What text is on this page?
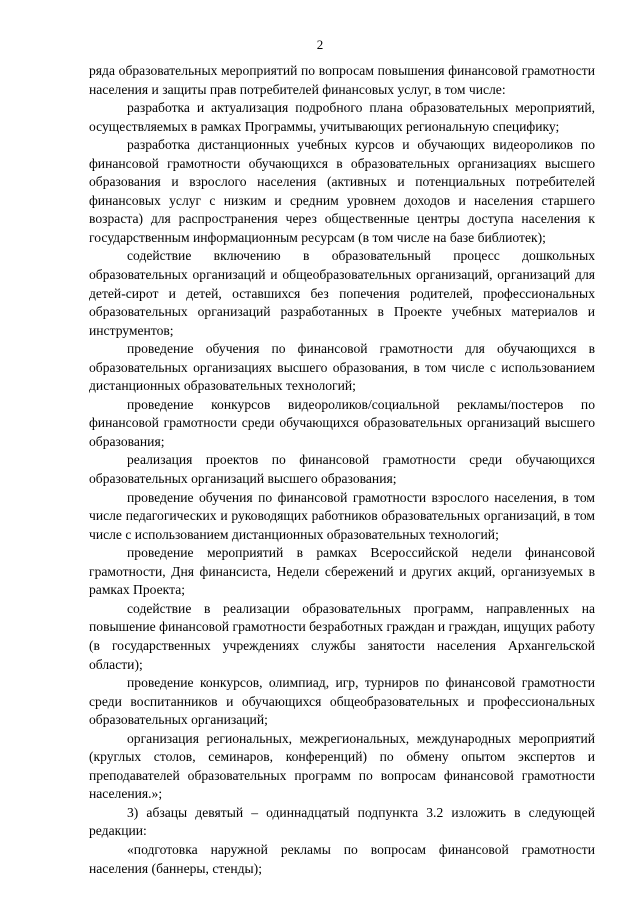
2

ряда образовательных мероприятий по вопросам повышения финансовой грамотности населения и защиты прав потребителей финансовых услуг, в том числе:

разработка и актуализация подробного плана образовательных мероприятий, осуществляемых в рамках Программы, учитывающих региональную специфику;

разработка дистанционных учебных курсов и обучающих видеороликов по финансовой грамотности обучающихся в образовательных организациях высшего образования и взрослого населения (активных и потенциальных потребителей финансовых услуг с низким и средним уровнем доходов и населения старшего возраста) для распространения через общественные центры доступа населения к государственным информационным ресурсам (в том числе на базе библиотек);

содействие включению в образовательный процесс дошкольных образовательных организаций и общеобразовательных организаций, организаций для детей-сирот и детей, оставшихся без попечения родителей, профессиональных образовательных организаций разработанных в Проекте учебных материалов и инструментов;

проведение обучения по финансовой грамотности для обучающихся в образовательных организациях высшего образования, в том числе с использованием дистанционных образовательных технологий;

проведение конкурсов видеороликов/социальной рекламы/постеров по финансовой грамотности среди обучающихся образовательных организаций высшего образования;

реализация проектов по финансовой грамотности среди обучающихся образовательных организаций высшего образования;

проведение обучения по финансовой грамотности взрослого населения, в том числе педагогических и руководящих работников образовательных организаций, в том числе с использованием дистанционных образовательных технологий;

проведение мероприятий в рамках Всероссийской недели финансовой грамотности, Дня финансиста, Недели сбережений и других акций, организуемых в рамках Проекта;

содействие в реализации образовательных программ, направленных на повышение финансовой грамотности безработных граждан и граждан, ищущих работу (в государственных учреждениях службы занятости населения Архангельской области);

проведение конкурсов, олимпиад, игр, турниров по финансовой грамотности среди воспитанников и обучающихся общеобразовательных и профессиональных образовательных организаций;

организация региональных, межрегиональных, международных мероприятий (круглых столов, семинаров, конференций) по обмену опытом экспертов и преподавателей образовательных программ по вопросам финансовой грамотности населения.»;

3) абзацы девятый – одиннадцатый подпункта 3.2 изложить в следующей редакции:

«подготовка наружной рекламы по вопросам финансовой грамотности населения (баннеры, стенды);
